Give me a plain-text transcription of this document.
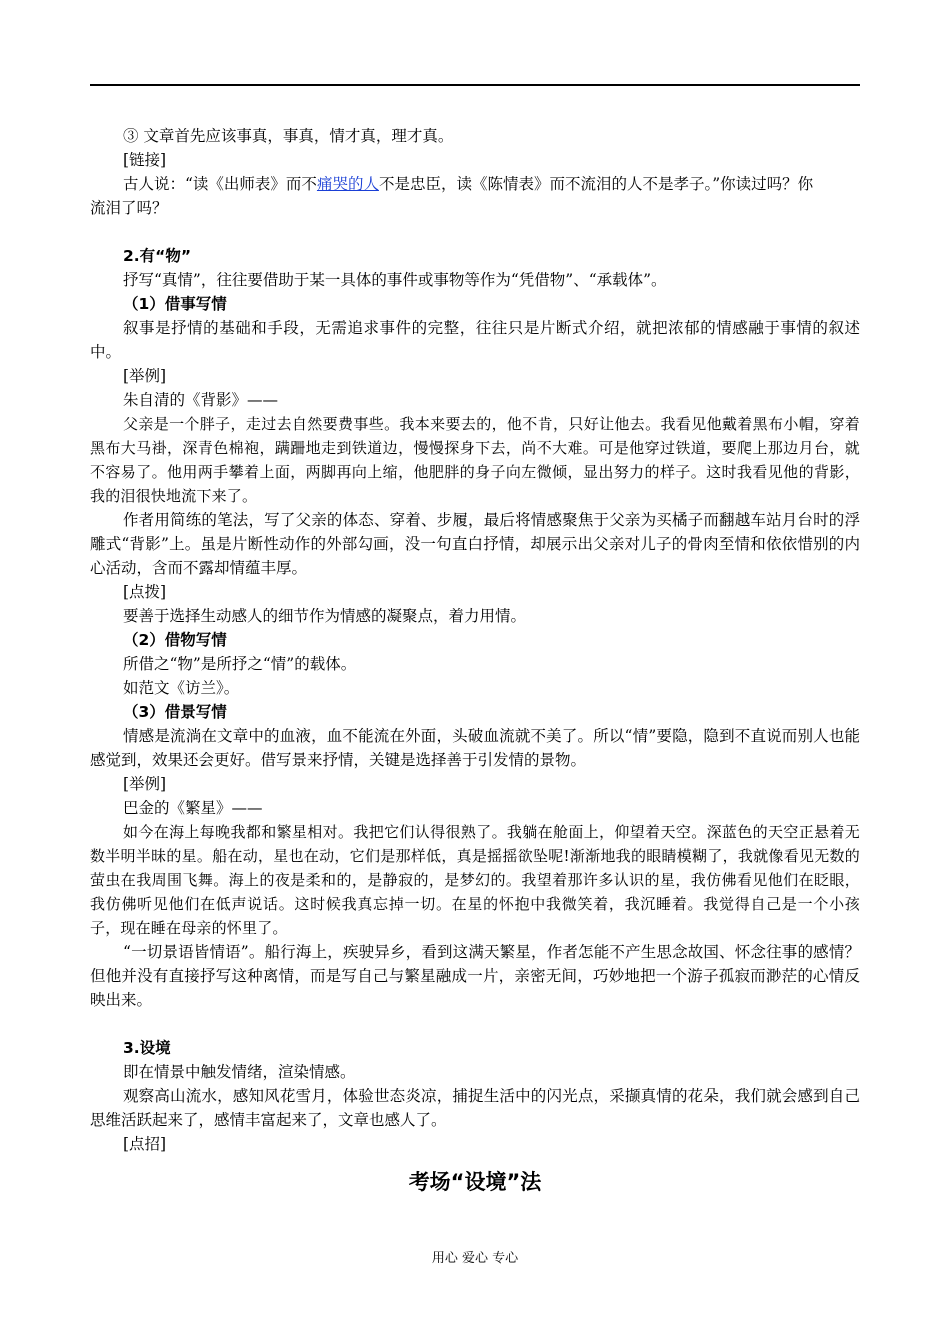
③ 文章首先应该事真，事真，情才真，理才真。
[链接]
古人说：“读《出师表》而不痛哭的人不是忠臣，读《陈情表》而不流泪的人不是孝子。”你读过吗？你
流泪了吗？
2.有“物”
抒写“真情”，往往要借助于某一具体的事件或事物等作为“凭借物”、“承载体”。
（1）借事写情
叙事是抒情的基础和手段，无需追求事件的完整，往往只是片断式介绍，就把浓郁的情感融于事情的叙述中。
[举例]
朱自清的《背影》——
父亲是一个胖子，走过去自然要费事些。我本来要去的，他不肯，只好让他去。我看见他戴着黑布小帽，穿着黑布大马褂，深青色棉袍，蹒跚地走到铁道边，慢慢探身下去，尚不大难。可是他穿过铁道，要爬上那边月台，就不容易了。他用两手攀着上面，两脚再向上缩，他肥胖的身子向左微倾，显出努力的样子。这时我看见他的背影，我的泪很快地流下来了。
作者用简练的笔法，写了父亲的体态、穿着、步履，最后将情感聚焦于父亲为买橘子而翻越车站月台时的浮雕式“背影”上。虽是片断性动作的外部勾画，没一句直白抒情，却展示出父亲对儿子的骨肉至情和依依惜别的内心活动，含而不露却情蕴丰厚。
[点拨]
要善于选择生动感人的细节作为情感的凝聚点，着力用情。
（2）借物写情
所借之“物”是所抒之“情”的载体。
如范文《访兰》。
（3）借景写情
情感是流淌在文章中的血液，血不能流在外面，头破血流就不美了。所以“情”要隐，隐到不直说而别人也能感觉到，效果还会更好。借写景来抒情，关键是选择善于引发情的景物。
[举例]
巴金的《繁星》——
如今在海上每晚我都和繁星相对。我把它们认得很熟了。我躺在舱面上，仰望着天空。深蓝色的天空正悬着无数半明半昧的星。船在动，星也在动，它们是那样低，真是摇摇欲坠呢!渐渐地我的眼睛模糊了，我就像看见无数的萤虫在我周围飞舞。海上的夜是柔和的，是静寂的，是梦幻的。我望着那许多认识的星，我仿佛看见他们在眨眼，我仿佛听见他们在低声说话。这时候我真忘掉一切。在星的怀抱中我微笑着，我沉睡着。我觉得自己是一个小孩子，现在睡在母亲的怀里了。
“一切景语皆情语”。船行海上，疾驶异乡，看到这满天繁星，作者怎能不产生思念故国、怀念往事的感情？但他并没有直接抒写这种离情，而是写自己与繁星融成一片，亲密无间，巧妙地把一个游子孤寂而渺茫的心情反映出来。
3.设境
即在情景中触发情绪，渲染情感。
观察高山流水，感知风花雪月，体验世态炎凉，捕捉生活中的闪光点，采撷真情的花朵，我们就会感到自己思维活跃起来了，感情丰富起来了，文章也感人了。
[点招]
考场“设境”法
用心 爱心 专心
